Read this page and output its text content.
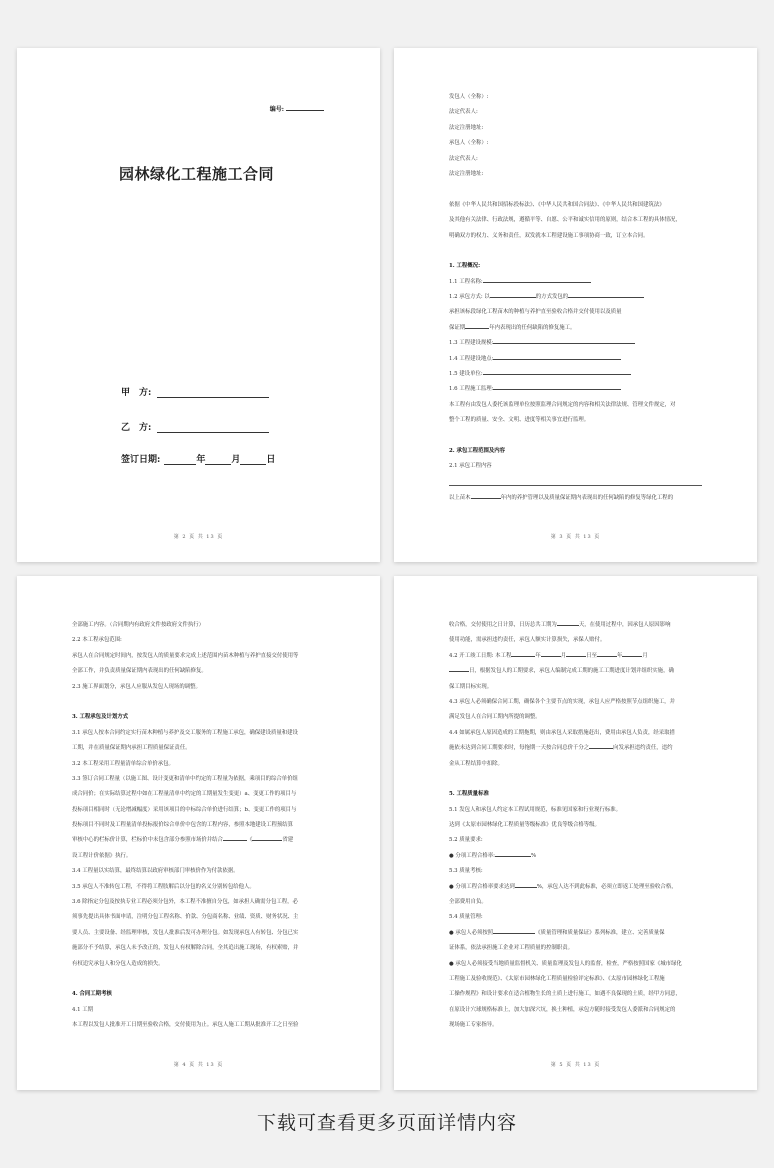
编号:
园林绿化工程施工合同
甲　方:
乙　方:
签订日期:	年	月	日
第 2 页 共 13 页
发包人（全称）:
法定代表人:
法定注册地址:
承包人（全称）:
法定代表人:
法定注册地址:
依据《中华人民共和国招标投标法》、《中华人民共和国合同法》、《中华人民共和国建筑法》
及其他有关法律、行政法规，遵循平等、自愿、公平和诚实信用的原则，结合本工程的具体情况，
明确双方的权力、义务和责任，双发就本工程建设施工事项协商一致，订立本合同。
1. 工程概况:
1.1 工程名称:
1.2 承包方式: 以	的方式发包的
承担该标段绿化工程苗木的种植与养护直至验收合格并交付使用以及质量
保证期	年内表现出的任何缺陷的修复施工。
1.3 工程建设规模:
1.4 工程建设地点:
1.5 建设单位:
1.6 工程施工监理:
本工程有由发包人委托该监理单位按照监理合同规定的内容和相关法律法规、管理文件规定，对
整个工程的质量、安全、文明、进度等相关事宜进行监理。
2. 承包工程范围及内容
2.1 承包工程内容
以上苗木	年内的养护管理以及质量保证期内表现出的任何缺陷的修复等绿化工程的
第 3 页 共 13 页
全部施工内容。（合同期内有政府文件按政府文件执行）
2.2 本工程承包范围:
承包人在合同规定时间内，按发包人的质量要求完成上述范围内苗木种植与养护直接交付使用等
全部工作，并负责质量保证期内表现出的任何缺陷修复。
2.3 施工界面划分，承包人应服从发包人现场的调整。
3. 工程承包及计划方式
3.1 承包人按本合同约定实行苗木种植与养护及交工服务的工程施工承包，确保建设质量和建设
工期，并在质量保证期内承担工程质量保证责任。
3.2 本工程采用工程量清单综合单价承包。
3.3 签订合同工程量（以施工图、设计变更和清单中约定的工程量为依据，乘项目的综合单价组
成合同价；在实际结算过程中如在工程量清单中约定的工期量发生变更）a、变更工作的项目与
投标项目相同时（无论增减幅度）采用该项目的中标综合单价进行结算；b、变更工作的项目与
投标项目不同时及工程量清单投标报价综合单价中包含的工程内容，参照本地建设工程预结算
审核中心的栏标价计算，栏标价中未包含部分参照市场价并结合	《	省建
设工程计价依据》执行。
3.4 工程量以实结算，最终结算以政府审核部门审核价作为付款依据。
3.5 承包人不准转包工程，不得将工程肢解后以分包的名义分别转包给他人。
3.6 除指定分包及按执专业工程必须分包外，本工程不准擅自分包，如承担人确需分包工程，必
须事先提出具体书面申请，注明分包工程名称、价款、分包商名称、业绩、资质、财务状况、主
要人员、主要设备、经监理审核，发包人批准后发可办理分包。如发现承包人有转包、分包已实
施部分不予结算，承包人未予改正的，发包人有权解除合同，全其追出施工现场，有权索赔，并
有权追究承包人和分包人造成的损失。
4. 合同工期考核
4.1 工期
本工程以发包人批准开工日期至验收合格，交付使用为止。承包人施工工期从批准开工之日至验
第 4 页 共 13 页
收合格，交付使用之日计算，日历总共工期为	天，在使用过程中，因承包人原因影响
使用功能，需承担违约责任，承包人额实计算损失，承保人赔付。
4.2 开工竣工日期: 本工程	年	月	日至	年	月
日，根据发包人的工期要求，承包人编制完成工期的施工工期进度计划并组织实施，确
保工期目标实现。
4.3 承包人必须确保合同工期，确保各个主要节点的实现，承包人应严格按照节点组织施工，并
满足发包人在合同工期内所提的调整。
4.4 如属承包人原因造成的工期拖期，则由承包人采取措施赶出，费用由承包人负责，经采取措
施依未达到合同工期要求时，每拖期一天按合同总价千分之	向发承担违约责任，违约
金从工程结算中扣除。
5. 工程质量标准
5.1 发包人和承包人约定本工程试用规范，标准见国家和行业现行标准。
达到《太原市园林绿化工程质量等级标准》优良等级合格等级。
5.2 质量要求:
● 分项工程合格率:	%
5.3 质量考核:
● 分项工程合格率要求达到	%，承包人达不到此标准，必须立即返工处理至验收合格，
全部费用自负。
5.4 质量管理:
● 承包人必须按照	《质量管理和质量保证》系列标准，建立、完善质量保
证体系，依法承担施工企业对工程质量的控制职责。
● 承包人必须接受当地质量监督机关、质量监理及发包人的监督，检查，严格按照国家《城市绿化
工程施工及验收规范》、《太原市园林绿化工程质量检验评定标准》、《太原市园林绿化工程施
工操作规程》和设计要求在适合植物生长的土质上进行施工，如遇不良保现的土质，经甲方同意，
在原设计穴球规格标准上，加大加深穴坑，换土种植，承包方随时接受发包人委派和合同规定的
现场施工专家指导。
第 5 页 共 13 页
下载可查看更多页面详情内容
